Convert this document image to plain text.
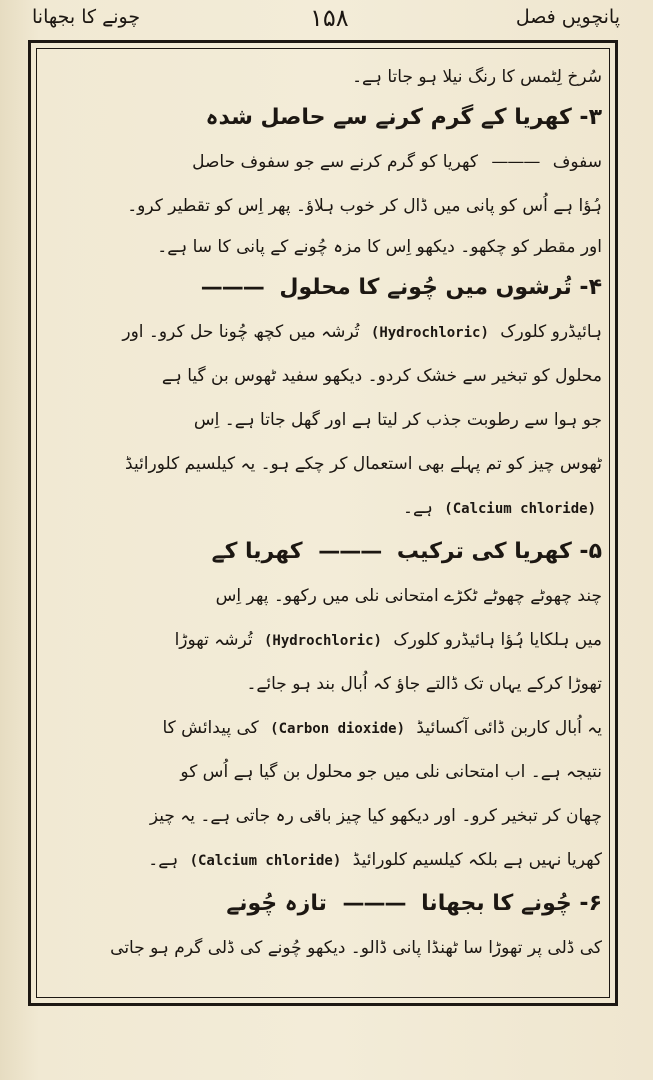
پانچویں فصل
۱۵۸
چونے کا بجھانا
سُرخ لِٹمس کا رنگ نیلا ہو جاتا ہے۔
۳- کھریا کے گرم کرنے سے حاصل شدہ
سفوف ——— کھریا کو گرم کرنے سے جو سفوف حاصل
ہُؤا ہے اُس کو پانی میں ڈال کر خوب ہلاؤ۔ پھر اِس کو تقطیر کرو۔
اور مقطر کو چکھو۔ دیکھو اِس کا مزہ چُونے کے پانی کا سا ہے۔
۴- تُرشوں میں چُونے کا محلول ———
ہائیڈرو کلورک (Hydrochloric) تُرشہ میں کچھ چُونا حل کرو۔ اور
محلول کو تبخیر سے خشک کردو۔ دیکھو سفید ٹھوس بن گیا ہے
جو ہوا سے رطوبت جذب کر لیتا ہے اور گھل جاتا ہے۔ اِس
ٹھوس چیز کو تم پہلے بھی استعمال کر چکے ہو۔ یہ کیلسیم کلورائیڈ
(Calcium chloride) ہے۔
۵- کھریا کی ترکیب ——— کھریا کے
چند چھوٹے چھوٹے ٹکڑے امتحانی نلی میں رکھو۔ پھر اِس
میں ہلکایا ہُؤا ہائیڈرو کلورک (Hydrochloric) تُرشہ تھوڑا
تھوڑا کرکے یہاں تک ڈالتے جاؤ کہ اُبال بند ہو جائے۔
یہ اُبال کاربن ڈائی آکسائیڈ (Carbon dioxide) کی پیدائش کا
نتیجہ ہے۔ اب امتحانی نلی میں جو محلول بن گیا ہے اُس کو
چھان کر تبخیر کرو۔ اور دیکھو کیا چیز باقی رہ جاتی ہے۔ یہ چیز
کھریا نہیں ہے بلکہ کیلسیم کلورائیڈ (Calcium chloride) ہے۔
۶- چُونے کا بجھانا ——— تازہ چُونے
کی ڈلی پر تھوڑا سا ٹھنڈا پانی ڈالو۔ دیکھو چُونے کی ڈلی گرم ہو جاتی
